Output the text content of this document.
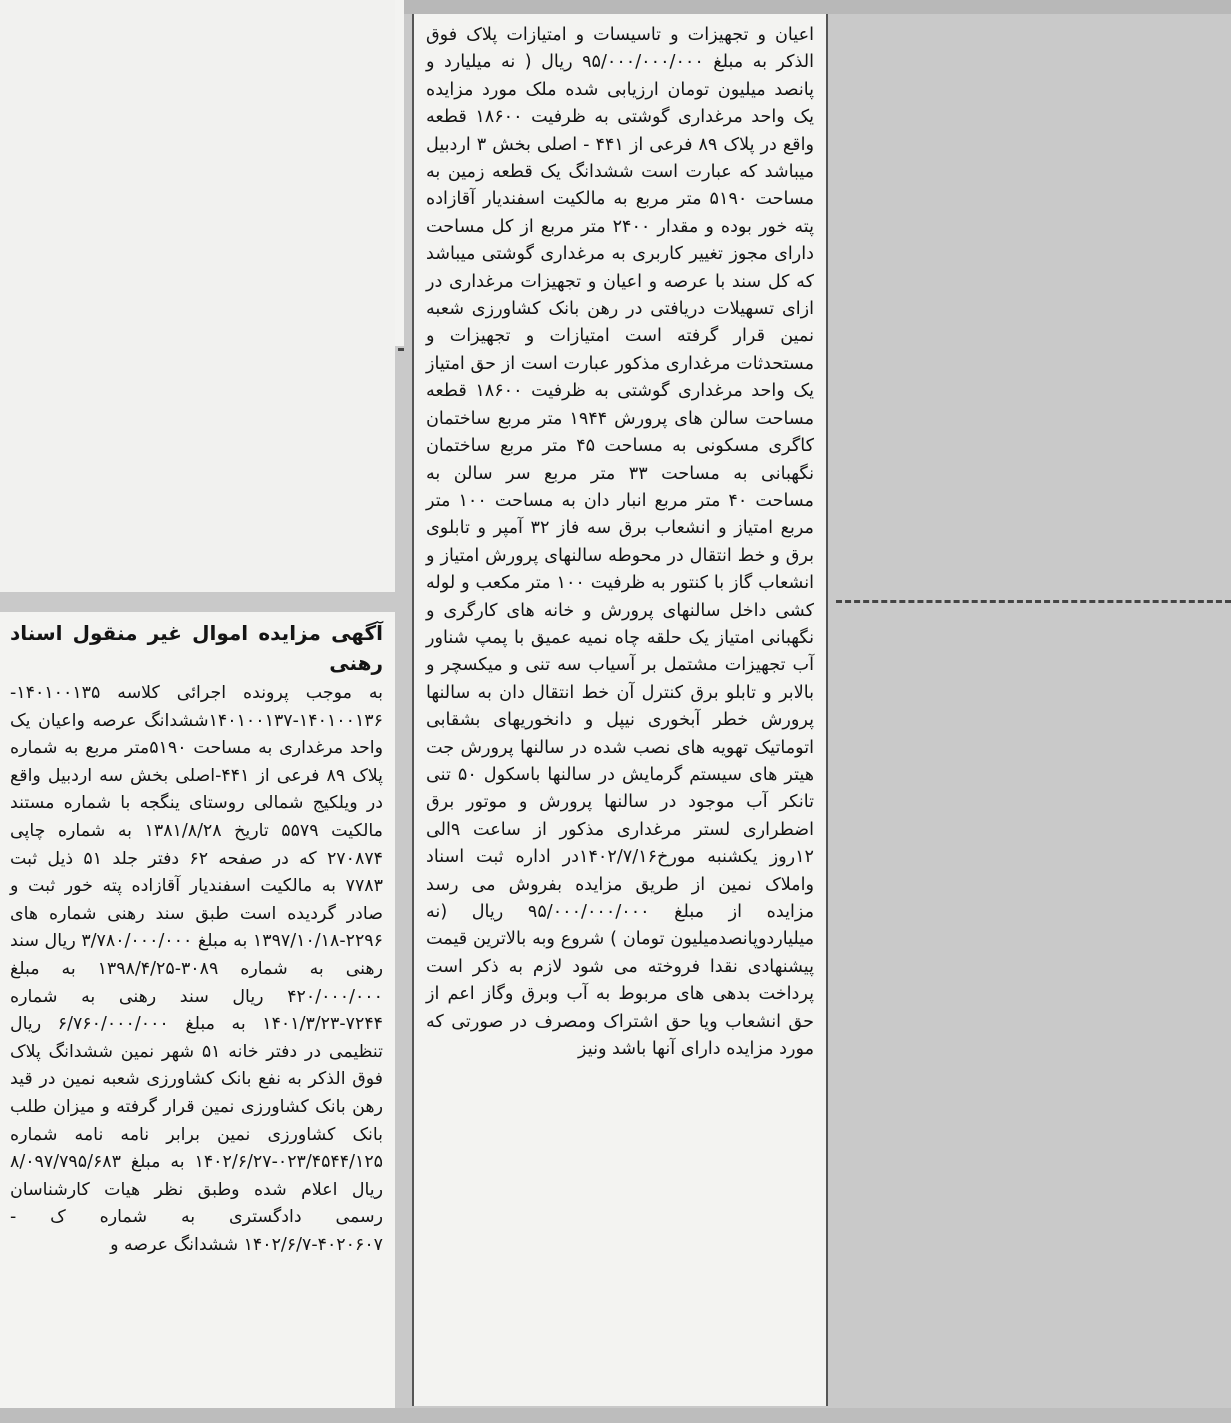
اعیان و تجهیزات و تاسیسات و امتیازات پلاک فوق الذکر به مبلغ ۹۵/۰۰۰/۰۰۰/۰۰۰ ریال ( نه میلیارد و پانصد میلیون تومان ارزیابی شده ملک مورد مزایده یک واحد مرغداری گوشتی به ظرفیت ۱۸۶۰۰ قطعه واقع در پلاک ۸۹ فرعی از ۴۴۱ - اصلی بخش ۳ اردبیل میباشد که عبارت است ششدانگ یک قطعه زمین به مساحت ۵۱۹۰ متر مربع به مالکیت اسفندیار آقازاده پته خور بوده و مقدار ۲۴۰۰ متر مربع از کل مساحت دارای مجوز تغییر کاربری به مرغداری گوشتی میباشد که کل سند با عرصه و اعیان و تجهیزات مرغداری در ازای تسهیلات دریافتی در رهن بانک کشاورزی شعبه نمین قرار گرفته است امتیازات و تجهیزات و مستحدثات مرغداری مذکور عبارت است از حق امتیاز یک واحد مرغداری گوشتی به ظرفیت ۱۸۶۰۰ قطعه مساحت سالن های پرورش ۱۹۴۴ متر مربع ساختمان کاگری مسکونی به مساحت ۴۵ متر مربع ساختمان نگهبانی به مساحت ۳۳ متر مربع سر سالن به مساحت ۴۰ متر مربع انبار دان به مساحت ۱۰۰ متر مربع امتیاز و انشعاب برق سه فاز ۳۲ آمپر و تابلوی برق و خط انتقال در محوطه سالنهای پرورش امتیاز و انشعاب گاز با کنتور به ظرفیت ۱۰۰ متر مکعب و لوله کشی داخل سالنهای پرورش و خانه های کارگری و نگهبانی امتیاز یک حلقه چاه نمیه عمیق با پمپ شناور آب تجهیزات مشتمل بر آسیاب سه تنی و میکسچر و بالابر و تابلو برق کنترل آن خط انتقال دان به سالنها پرورش خطر آبخوری نیپل و دانخوریهای بشقابی اتوماتیک تهویه های نصب شده در سالنها پرورش جت هیتر های سیستم گرمایش در سالنها باسکول ۵۰ تنی تانکر آب موجود در سالنها پرورش و موتور برق اضطراری لستر مرغداری مذکور از ساعت ۹الی ۱۲روز یکشنبه مورخ۱۴۰۲/۷/۱۶در اداره ثبت اسناد واملاک نمین از طریق مزایده بفروش می رسد مزایده از مبلغ ۹۵/۰۰۰/۰۰۰/۰۰۰ ریال (نه میلیاردوپانصدمیلیون تومان ) شروع وبه بالاترین قیمت پیشنهادی نقدا فروخته می شود لازم به ذکر است پرداخت بدهی های مربوط به آب وبرق وگاز اعم از حق انشعاب ویا حق اشتراک ومصرف در صورتی که مورد مزایده دارای آنها باشد ونیز

آگهی مزایده اموال غیر منقول اسناد رهنی

به موجب پرونده اجرائی کلاسه ۱۴۰۱۰۰۱۳۵- ۱۴۰۱۰۰۱۳۶-۱۴۰۱۰۰۱۳۷ششدانگ عرصه واعیان یک واحد مرغداری به مساحت ۵۱۹۰متر مربع به شماره پلاک ۸۹ فرعی از ۴۴۱-اصلی بخش سه اردبیل واقع در ویلکیج شمالی روستای ینگجه با شماره مستند مالکیت ۵۵۷۹ تاریخ ۱۳۸۱/۸/۲۸ به شماره چاپی ۲۷۰۸۷۴ که در صفحه ۶۲ دفتر جلد ۵۱ ذیل ثبت ۷۷۸۳ به مالکیت اسفندیار آقازاده پته خور ثبت و صادر گردیده است طبق سند رهنی شماره های ۲۲۹۶-۱۳۹۷/۱۰/۱۸ به مبلغ ۳/۷۸۰/۰۰۰/۰۰۰ ریال سند رهنی به شماره ۳۰۸۹-۱۳۹۸/۴/۲۵ به مبلغ ۴۲۰/۰۰۰/۰۰۰ ریال سند رهنی به شماره ۷۲۴۴-۱۴۰۱/۳/۲۳ به مبلغ ۶/۷۶۰/۰۰۰/۰۰۰ ریال تنظیمی در دفتر خانه ۵۱ شهر نمین ششدانگ پلاک فوق الذکر به نفع بانک کشاورزی شعبه نمین در قید رهن بانک کشاورزی نمین قرار گرفته و میزان طلب بانک کشاورزی نمین برابر نامه نامه شماره ۰۲۳/۴۵۴۴/۱۲۵-۱۴۰۲/۶/۲۷ به مبلغ ۸/۰۹۷/۷۹۵/۶۸۳ ریال اعلام شده وطبق نظر هیات کارشناسان رسمی دادگستری به شماره ک - ۴۰۲۰۶۰۷-۱۴۰۲/۶/۷ ششدانگ عرصه و
